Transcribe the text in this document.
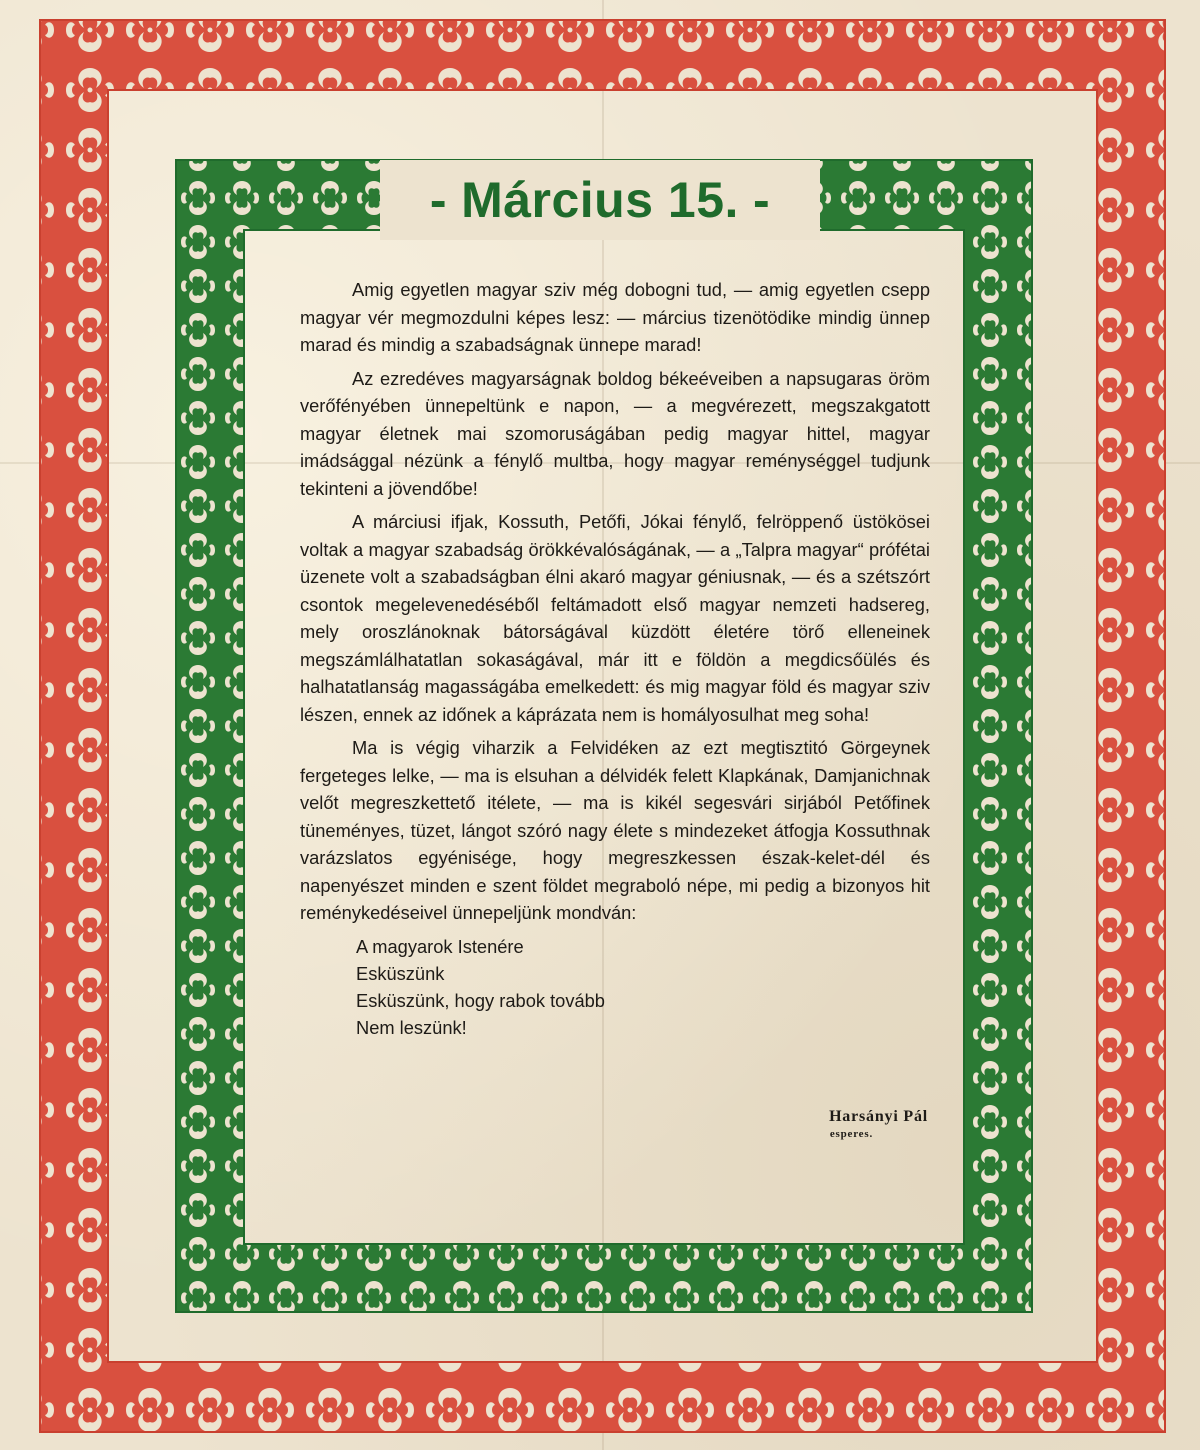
- Március 15. -

Amig egyetlen magyar sziv még dobogni tud, — amig egyetlen csepp magyar vér megmozdulni képes lesz: — március tizenötödike mindig ünnep marad és mindig a szabadságnak ünnepe marad!

Az ezredéves magyarságnak boldog békeéveiben a napsugaras öröm verőfényében ünnepeltünk e napon, — a megvérezett, megszakgatott magyar életnek mai szomoruságában pedig magyar hittel, magyar imádsággal nézünk a fénylő multba, hogy magyar reménységgel tudjunk tekinteni a jövendőbe!

A márciusi ifjak, Kossuth, Petőfi, Jókai fénylő, felröppenő üstökösei voltak a magyar szabadság örökkévalóságának, — a „Talpra magyar“ prófétai üzenete volt a szabadságban élni akaró magyar géniusnak, — és a szétszórt csontok megelevenedéséből feltámadott első magyar nemzeti hadsereg, mely oroszlánoknak bátorságával küzdött életére törő elleneinek megszámlálhatatlan sokaságával, már itt e földön a megdicsőülés és halhatatlanság magasságába emelkedett: és mig magyar föld és magyar sziv lészen, ennek az időnek a káprázata nem is homályosulhat meg soha!

Ma is végig viharzik a Felvidéken az ezt megtisztitó Görgeynek fergeteges lelke, — ma is elsuhan a délvidék felett Klapkának, Damjanichnak velőt megreszkettető itélete, — ma is kikél segesvári sirjából Petőfinek tüneményes, tüzet, lángot szóró nagy élete s mindezeket átfogja Kossuthnak varázslatos egyénisége, hogy megreszkessen észak-kelet-dél és napenyészet minden e szent földet megrabolό népe, mi pedig a bizonyos hit reménykedéseivel ünnepeljünk mondván:

A magyarok Istenére
Esküszünk
Esküszünk, hogy rabok tovább
Nem leszünk!
Harsányi Pál
esperes.
